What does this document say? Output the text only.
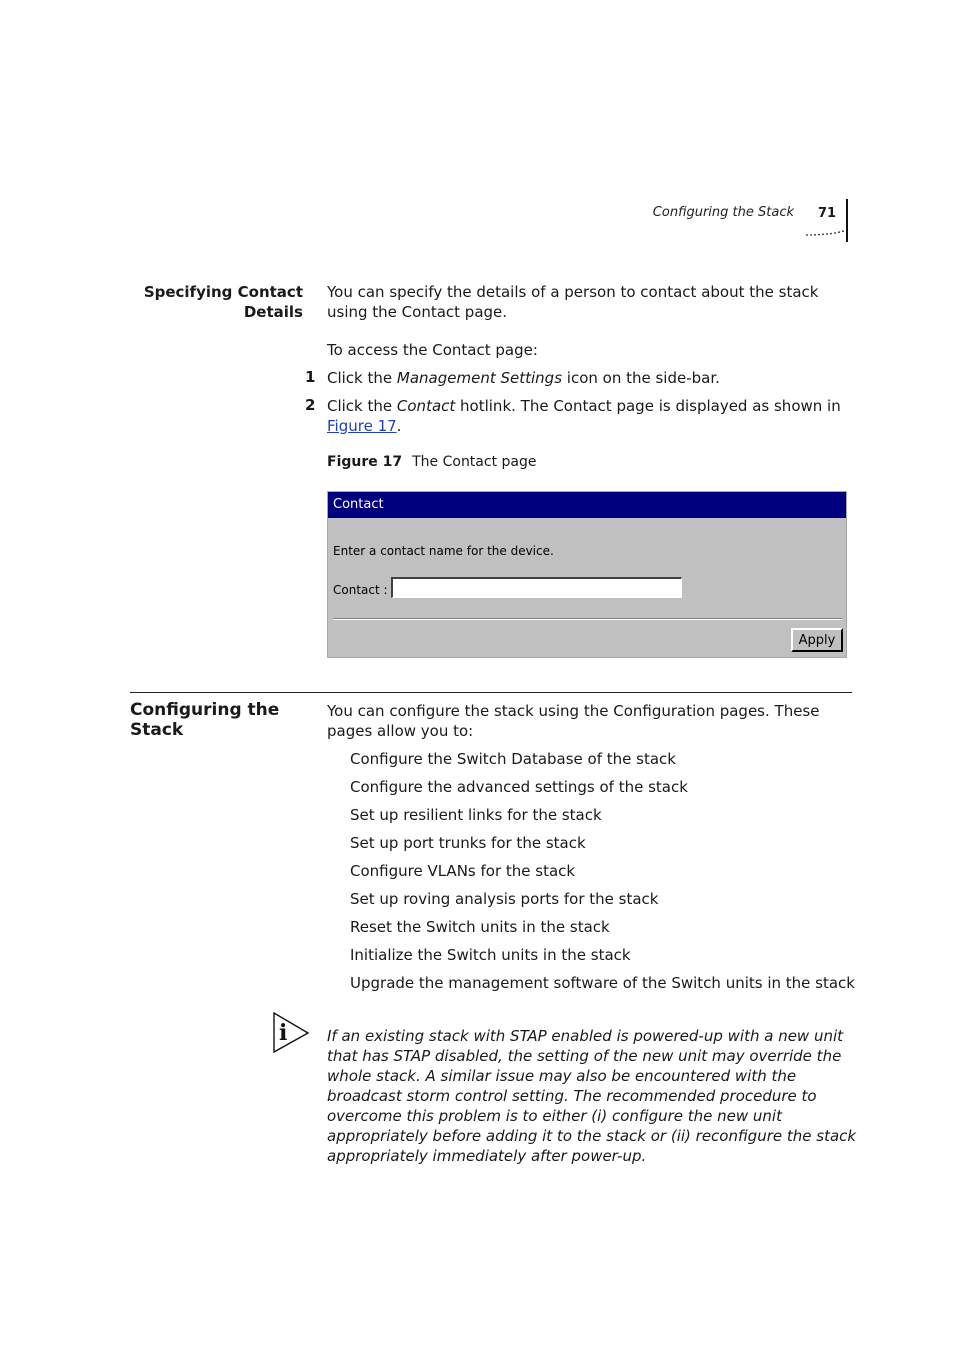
Configuring the Stack 71
Specifying Contact
Details

You can specify the details of a person to contact about the stack using the Contact page.

To access the Contact page:

1 Click the Management Settings icon on the side-bar.

2 Click the Contact hotlink. The Contact page is displayed as shown in Figure 17.

Figure 17 The Contact page
Contact
Enter a contact name for the device.
Contact :
Apply
Configuring the
Stack

You can configure the stack using the Configuration pages. These pages allow you to:

Configure the Switch Database of the stack
Configure the advanced settings of the stack
Set up resilient links for the stack
Set up port trunks for the stack
Configure VLANs for the stack
Set up roving analysis ports for the stack
Reset the Switch units in the stack
Initialize the Switch units in the stack
Upgrade the management software of the Switch units in the stack
i	If an existing stack with STAP enabled is powered-up with a new unit that has STAP disabled, the setting of the new unit may override the whole stack. A similar issue may also be encountered with the broadcast storm control setting. The recommended procedure to overcome this problem is to either (i) configure the new unit appropriately before adding it to the stack or (ii) reconfigure the stack appropriately immediately after power-up.
